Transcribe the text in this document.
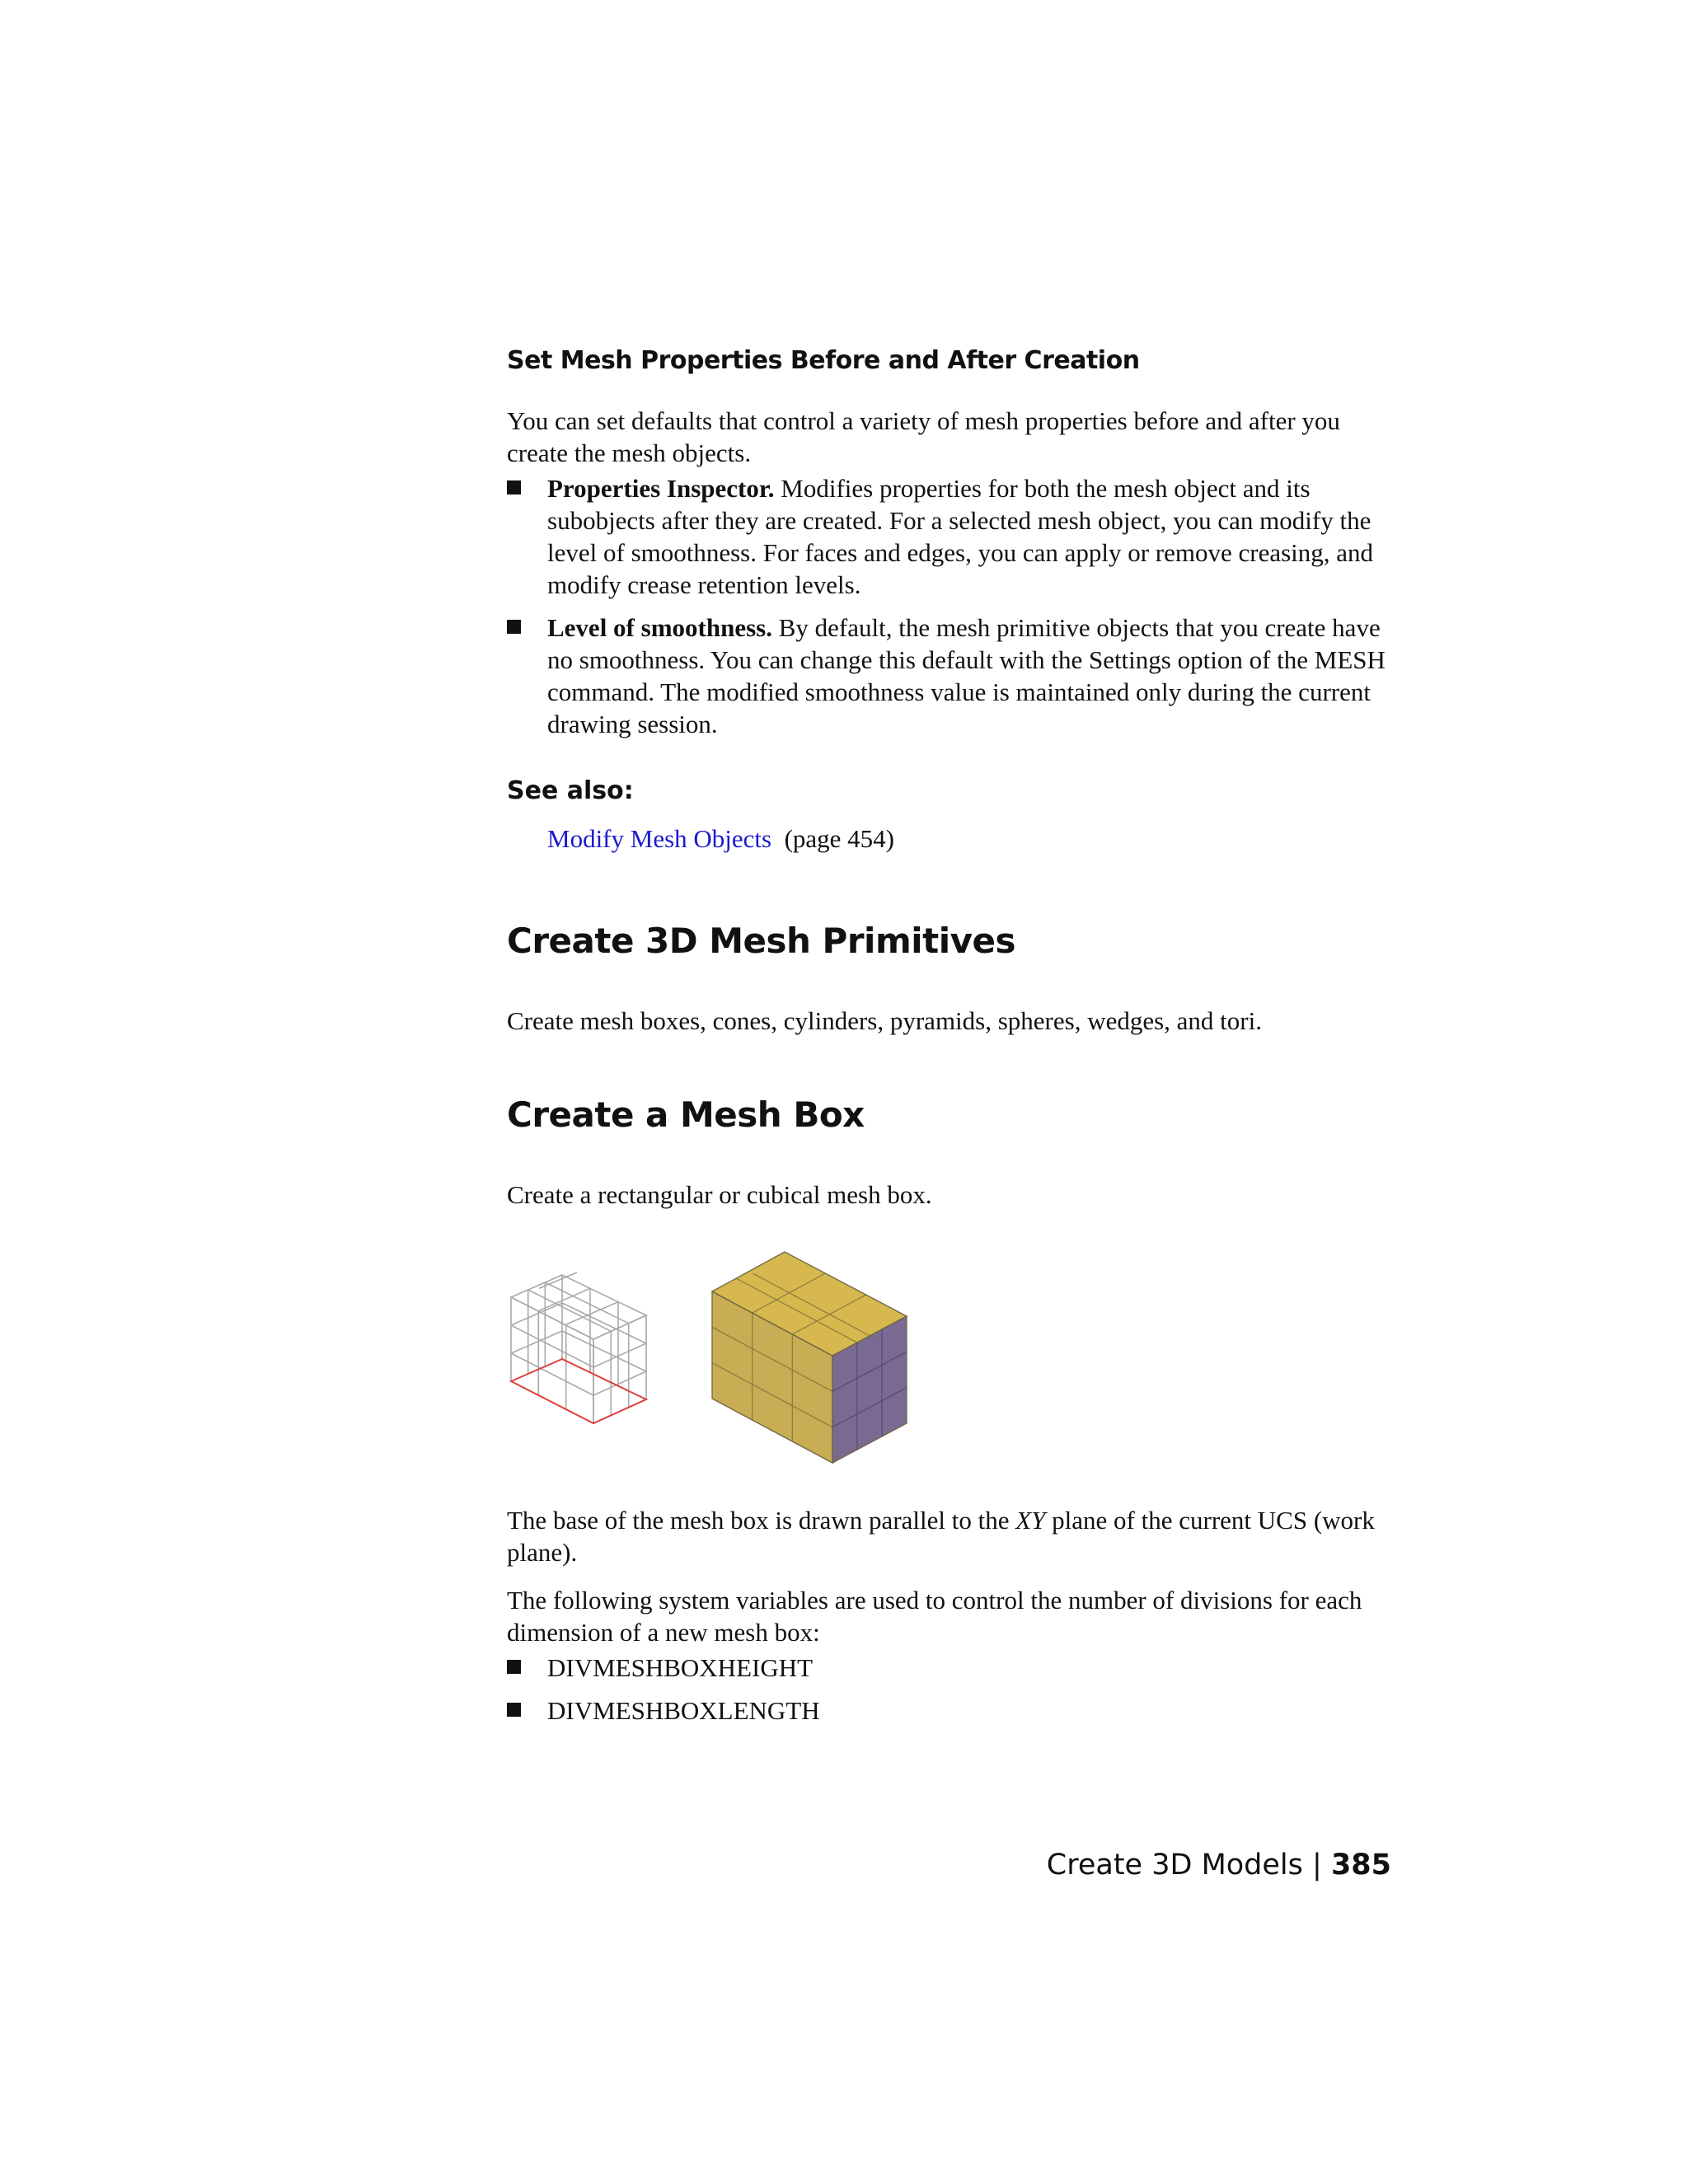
Set Mesh Properties Before and After Creation
You can set defaults that control a variety of mesh properties before and after you create the mesh objects.
Properties Inspector. Modifies properties for both the mesh object and its subobjects after they are created. For a selected mesh object, you can modify the level of smoothness. For faces and edges, you can apply or remove creasing, and modify crease retention levels.
Level of smoothness. By default, the mesh primitive objects that you create have no smoothness. You can change this default with the Settings option of the MESH command. The modified smoothness value is maintained only during the current drawing session.
See also:
Modify Mesh Objects (page 454)
Create 3D Mesh Primitives
Create mesh boxes, cones, cylinders, pyramids, spheres, wedges, and tori.
Create a Mesh Box
Create a rectangular or cubical mesh box.
The base of the mesh box is drawn parallel to the XY plane of the current UCS (work plane).
The following system variables are used to control the number of divisions for each dimension of a new mesh box:
DIVMESHBOXHEIGHT
DIVMESHBOXLENGTH
Create 3D Models | 385
